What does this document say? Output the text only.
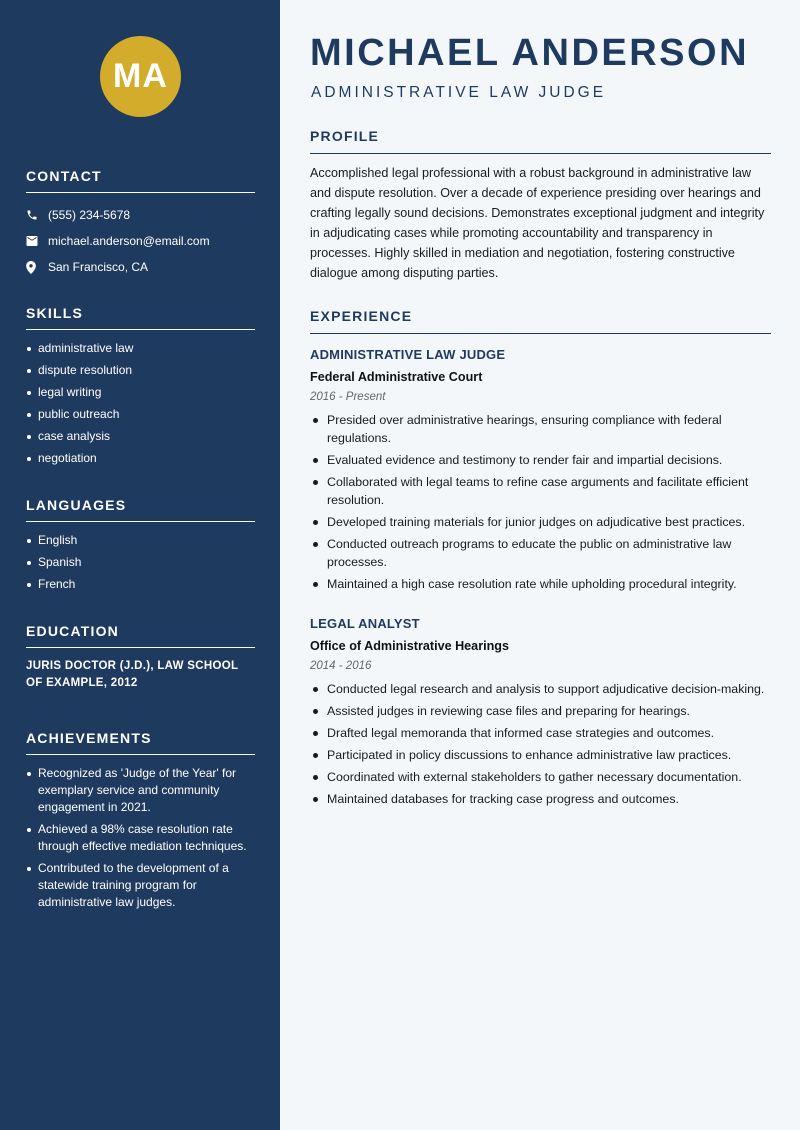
MA
CONTACT
(555) 234-5678
michael.anderson@email.com
San Francisco, CA
SKILLS
administrative law
dispute resolution
legal writing
public outreach
case analysis
negotiation
LANGUAGES
English
Spanish
French
EDUCATION

JURIS DOCTOR (J.D.), LAW SCHOOL OF EXAMPLE, 2012

ACHIEVEMENTS
Recognized as 'Judge of the Year' for exemplary service and community engagement in 2021.
Achieved a 98% case resolution rate through effective mediation techniques.
Contributed to the development of a statewide training program for administrative law judges.
MICHAEL ANDERSON
ADMINISTRATIVE LAW JUDGE
PROFILE

Accomplished legal professional with a robust background in administrative law and dispute resolution. Over a decade of experience presiding over hearings and crafting legally sound decisions. Demonstrates exceptional judgment and integrity in adjudicating cases while promoting accountability and transparency in processes. Highly skilled in mediation and negotiation, fostering constructive dialogue among disputing parties.

EXPERIENCE
ADMINISTRATIVE LAW JUDGE
Federal Administrative Court
2016 - Present
Presided over administrative hearings, ensuring compliance with federal regulations.
Evaluated evidence and testimony to render fair and impartial decisions.
Collaborated with legal teams to refine case arguments and facilitate efficient resolution.
Developed training materials for junior judges on adjudicative best practices.
Conducted outreach programs to educate the public on administrative law processes.
Maintained a high case resolution rate while upholding procedural integrity.
LEGAL ANALYST
Office of Administrative Hearings
2014 - 2016
Conducted legal research and analysis to support adjudicative decision-making.
Assisted judges in reviewing case files and preparing for hearings.
Drafted legal memoranda that informed case strategies and outcomes.
Participated in policy discussions to enhance administrative law practices.
Coordinated with external stakeholders to gather necessary documentation.
Maintained databases for tracking case progress and outcomes.
